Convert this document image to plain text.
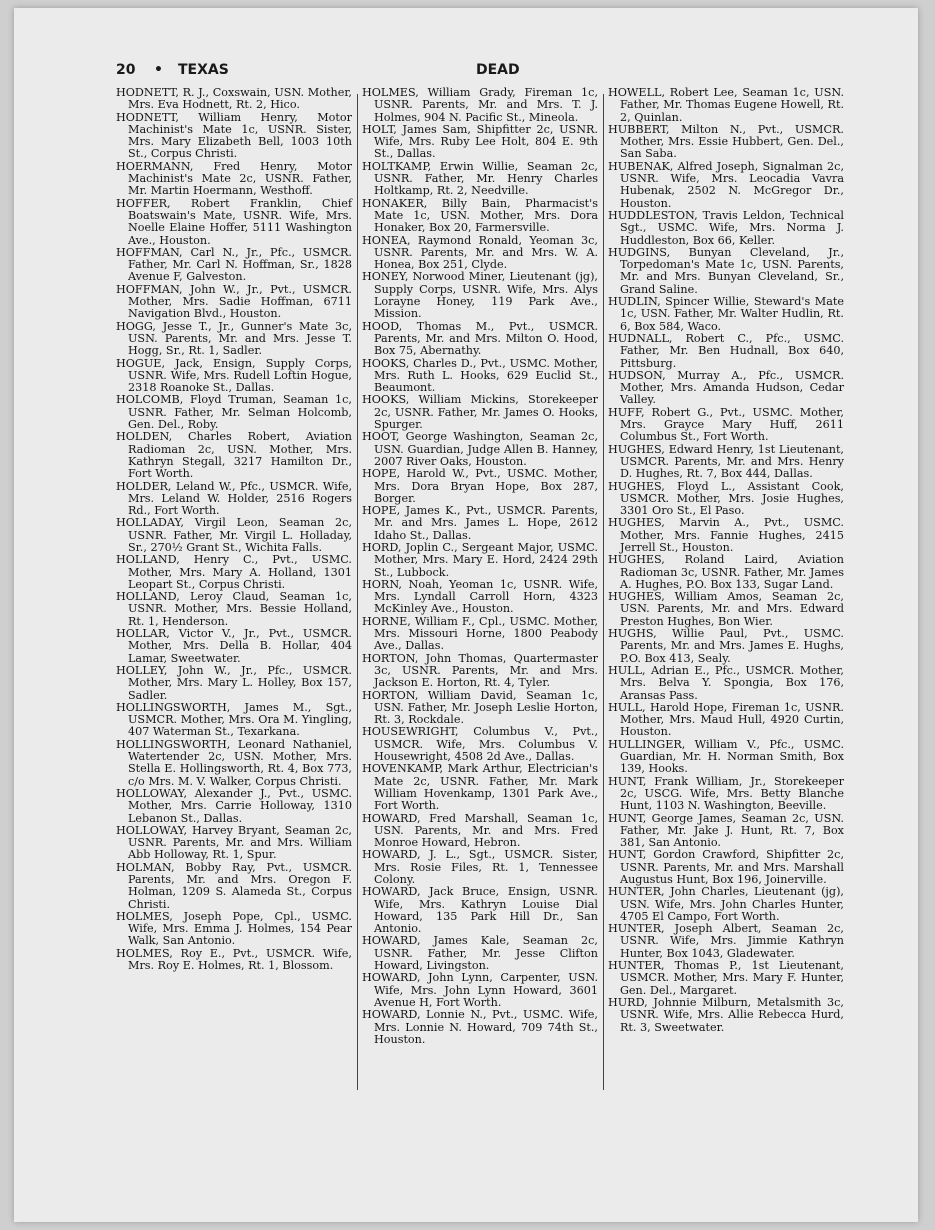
20 • TEXAS	DEAD

HODNETT, R. J., Coxswain, USN. Mother, Mrs. Eva Hodnett, Rt. 2, Hico.

HODNETT, William Henry, Motor Machinist's Mate 1c, USNR. Sister, Mrs. Mary Elizabeth Bell, 1003 10th St., Corpus Christi.

HOERMANN, Fred Henry, Motor Machinist's Mate 2c, USNR. Father, Mr. Martin Hoermann, Westhoff.

HOFFER, Robert Franklin, Chief Boatswain's Mate, USNR. Wife, Mrs. Noelle Elaine Hoffer, 5111 Washington Ave., Houston.

HOFFMAN, Carl N., Jr., Pfc., USMCR. Father, Mr. Carl N. Hoffman, Sr., 1828 Avenue F, Galveston.

HOFFMAN, John W., Jr., Pvt., USMCR. Mother, Mrs. Sadie Hoffman, 6711 Navigation Blvd., Houston.

HOGG, Jesse T., Jr., Gunner's Mate 3c, USN. Parents, Mr. and Mrs. Jesse T. Hogg, Sr., Rt. 1, Sadler.

HOGUE, Jack, Ensign, Supply Corps, USNR. Wife, Mrs. Rudell Loftin Hogue, 2318 Roanoke St., Dallas.

HOLCOMB, Floyd Truman, Seaman 1c, USNR. Father, Mr. Selman Holcomb, Gen. Del., Roby.

HOLDEN, Charles Robert, Aviation Radioman 2c, USN. Mother, Mrs. Kathryn Stegall, 3217 Hamilton Dr., Fort Worth.

HOLDER, Leland W., Pfc., USMCR. Wife, Mrs. Leland W. Holder, 2516 Rogers Rd., Fort Worth.

HOLLADAY, Virgil Leon, Seaman 2c, USNR. Father, Mr. Virgil L. Holladay, Sr., 270½ Grant St., Wichita Falls.

HOLLAND, Henry C., Pvt., USMC. Mother, Mrs. Mary A. Holland, 1301 Leopart St., Corpus Christi.

HOLLAND, Leroy Claud, Seaman 1c, USNR. Mother, Mrs. Bessie Holland, Rt. 1, Henderson.

HOLLAR, Victor V., Jr., Pvt., USMCR. Mother, Mrs. Della B. Hollar, 404 Lamar, Sweetwater.

HOLLEY, John W., Jr., Pfc., USMCR. Mother, Mrs. Mary L. Holley, Box 157, Sadler.

HOLLINGSWORTH, James M., Sgt., USMCR. Mother, Mrs. Ora M. Yingling, 407 Waterman St., Texarkana.

HOLLINGSWORTH, Leonard Nathaniel, Watertender 2c, USN. Mother, Mrs. Stella E. Hollingsworth, Rt. 4, Box 773, c/o Mrs. M. V. Walker, Corpus Christi.

HOLLOWAY, Alexander J., Pvt., USMC. Mother, Mrs. Carrie Holloway, 1310 Lebanon St., Dallas.

HOLLOWAY, Harvey Bryant, Seaman 2c, USNR. Parents, Mr. and Mrs. William Abb Holloway, Rt. 1, Spur.

HOLMAN, Bobby Ray, Pvt., USMCR. Parents, Mr. and Mrs. Oregon F. Holman, 1209 S. Alameda St., Corpus Christi.

HOLMES, Joseph Pope, Cpl., USMC. Wife, Mrs. Emma J. Holmes, 154 Pear Walk, San Antonio.

HOLMES, Roy E., Pvt., USMCR. Wife, Mrs. Roy E. Holmes, Rt. 1, Blossom.

HOLMES, William Grady, Fireman 1c, USNR. Parents, Mr. and Mrs. T. J. Holmes, 904 N. Pacific St., Mineola.

HOLT, James Sam, Shipfitter 2c, USNR. Wife, Mrs. Ruby Lee Holt, 804 E. 9th St., Dallas.

HOLTKAMP, Erwin Willie, Seaman 2c, USNR. Father, Mr. Henry Charles Holtkamp, Rt. 2, Needville.

HONAKER, Billy Bain, Pharmacist's Mate 1c, USN. Mother, Mrs. Dora Honaker, Box 20, Farmersville.

HONEA, Raymond Ronald, Yeoman 3c, USNR. Parents, Mr. and Mrs. W. A. Honea, Box 251, Clyde.

HONEY, Norwood Miner, Lieutenant (jg), Supply Corps, USNR. Wife, Mrs. Alys Lorayne Honey, 119 Park Ave., Mission.

HOOD, Thomas M., Pvt., USMCR. Parents, Mr. and Mrs. Milton O. Hood, Box 75, Abernathy.

HOOKS, Charles D., Pvt., USMC. Mother, Mrs. Ruth L. Hooks, 629 Euclid St., Beaumont.

HOOKS, William Mickins, Storekeeper 2c, USNR. Father, Mr. James O. Hooks, Spurger.

HOOT, George Washington, Seaman 2c, USN. Guardian, Judge Allen B. Hanney, 2007 River Oaks, Houston.

HOPE, Harold W., Pvt., USMC. Mother, Mrs. Dora Bryan Hope, Box 287, Borger.

HOPE, James K., Pvt., USMCR. Parents, Mr. and Mrs. James L. Hope, 2612 Idaho St., Dallas.

HORD, Joplin C., Sergeant Major, USMC. Mother, Mrs. Mary E. Hord, 2424 29th St., Lubbock.

HORN, Noah, Yeoman 1c, USNR. Wife, Mrs. Lyndall Carroll Horn, 4323 McKinley Ave., Houston.

HORNE, William F., Cpl., USMC. Mother, Mrs. Missouri Horne, 1800 Peabody Ave., Dallas.

HORTON, John Thomas, Quartermaster 3c, USNR. Parents, Mr. and Mrs. Jackson E. Horton, Rt. 4, Tyler.

HORTON, William David, Seaman 1c, USN. Father, Mr. Joseph Leslie Horton, Rt. 3, Rockdale.

HOUSEWRIGHT, Columbus V., Pvt., USMCR. Wife, Mrs. Columbus V. Housewright, 4508 2d Ave., Dallas.

HOVENKAMP, Mark Arthur, Electrician's Mate 2c, USNR. Father, Mr. Mark William Hovenkamp, 1301 Park Ave., Fort Worth.

HOWARD, Fred Marshall, Seaman 1c, USN. Parents, Mr. and Mrs. Fred Monroe Howard, Hebron.

HOWARD, J. L., Sgt., USMCR. Sister, Mrs. Rosie Files, Rt. 1, Tennessee Colony.

HOWARD, Jack Bruce, Ensign, USNR. Wife, Mrs. Kathryn Louise Dial Howard, 135 Park Hill Dr., San Antonio.

HOWARD, James Kale, Seaman 2c, USNR. Father, Mr. Jesse Clifton Howard, Livingston.

HOWARD, John Lynn, Carpenter, USN. Wife, Mrs. John Lynn Howard, 3601 Avenue H, Fort Worth.

HOWARD, Lonnie N., Pvt., USMC. Wife, Mrs. Lonnie N. Howard, 709 74th St., Houston.

HOWELL, Robert Lee, Seaman 1c, USN. Father, Mr. Thomas Eugene Howell, Rt. 2, Quinlan.

HUBBERT, Milton N., Pvt., USMCR. Mother, Mrs. Essie Hubbert, Gen. Del., San Saba.

HUBENAK, Alfred Joseph, Signalman 2c, USNR. Wife, Mrs. Leocadia Vavra Hubenak, 2502 N. McGregor Dr., Houston.

HUDDLESTON, Travis Leldon, Technical Sgt., USMC. Wife, Mrs. Norma J. Huddleston, Box 66, Keller.

HUDGINS, Bunyan Cleveland, Jr., Torpedoman's Mate 1c, USN. Parents, Mr. and Mrs. Bunyan Cleveland, Sr., Grand Saline.

HUDLIN, Spincer Willie, Steward's Mate 1c, USN. Father, Mr. Walter Hudlin, Rt. 6, Box 584, Waco.

HUDNALL, Robert C., Pfc., USMC. Father, Mr. Ben Hudnall, Box 640, Pittsburg.

HUDSON, Murray A., Pfc., USMCR. Mother, Mrs. Amanda Hudson, Cedar Valley.

HUFF, Robert G., Pvt., USMC. Mother, Mrs. Grayce Mary Huff, 2611 Columbus St., Fort Worth.

HUGHES, Edward Henry, 1st Lieutenant, USMCR. Parents, Mr. and Mrs. Henry D. Hughes, Rt. 7, Box 444, Dallas.

HUGHES, Floyd L., Assistant Cook, USMCR. Mother, Mrs. Josie Hughes, 3301 Oro St., El Paso.

HUGHES, Marvin A., Pvt., USMC. Mother, Mrs. Fannie Hughes, 2415 Jerrell St., Houston.

HUGHES, Roland Laird, Aviation Radioman 3c, USNR. Father, Mr. James A. Hughes, P.O. Box 133, Sugar Land.

HUGHES, William Amos, Seaman 2c, USN. Parents, Mr. and Mrs. Edward Preston Hughes, Bon Wier.

HUGHS, Willie Paul, Pvt., USMC. Parents, Mr. and Mrs. James E. Hughs, P.O. Box 413, Sealy.

HULL, Adrian E., Pfc., USMCR. Mother, Mrs. Belva Y. Spongia, Box 176, Aransas Pass.

HULL, Harold Hope, Fireman 1c, USNR. Mother, Mrs. Maud Hull, 4920 Curtin, Houston.

HULLINGER, William V., Pfc., USMC. Guardian, Mr. H. Norman Smith, Box 139, Hooks.

HUNT, Frank William, Jr., Storekeeper 2c, USCG. Wife, Mrs. Betty Blanche Hunt, 1103 N. Washington, Beeville.

HUNT, George James, Seaman 2c, USN. Father, Mr. Jake J. Hunt, Rt. 7, Box 381, San Antonio.

HUNT, Gordon Crawford, Shipfitter 2c, USNR. Parents, Mr. and Mrs. Marshall Augustus Hunt, Box 196, Joinerville.

HUNTER, John Charles, Lieutenant (jg), USN. Wife, Mrs. John Charles Hunter, 4705 El Campo, Fort Worth.

HUNTER, Joseph Albert, Seaman 2c, USNR. Wife, Mrs. Jimmie Kathryn Hunter, Box 1043, Gladewater.

HUNTER, Thomas P., 1st Lieutenant, USMCR. Mother, Mrs. Mary F. Hunter, Gen. Del., Margaret.

HURD, Johnnie Milburn, Metalsmith 3c, USNR. Wife, Mrs. Allie Rebecca Hurd, Rt. 3, Sweetwater.
